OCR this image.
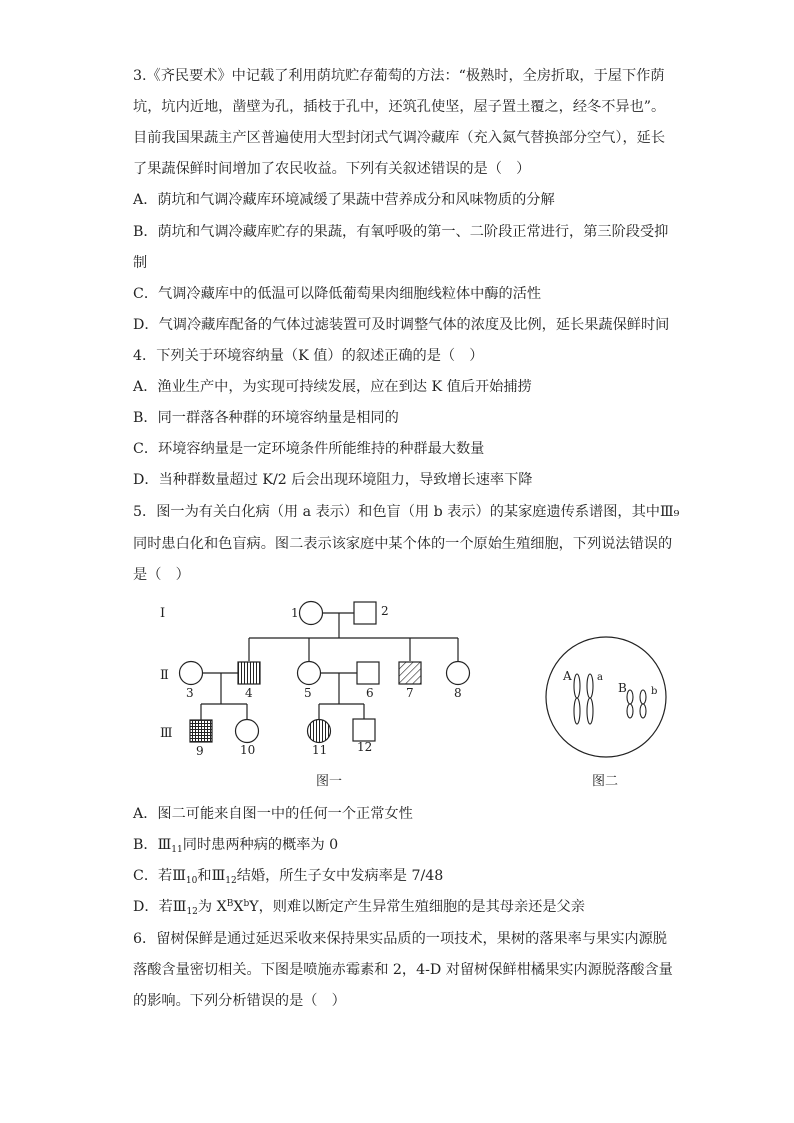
3.《齐民要术》中记载了利用荫坑贮存葡萄的方法：“极熟时，全房折取，于屋下作荫
坑，坑内近地，凿壁为孔，插枝于孔中，还筑孔使坚，屋子置土覆之，经冬不异也”。
目前我国果蔬主产区普遍使用大型封闭式气调冷藏库（充入氮气替换部分空气），延长
了果蔬保鲜时间增加了农民收益。下列有关叙述错误的是（　）
A．荫坑和气调冷藏库环境减缓了果蔬中营养成分和风味物质的分解
B．荫坑和气调冷藏库贮存的果蔬，有氧呼吸的第一、二阶段正常进行，第三阶段受抑
制
C．气调冷藏库中的低温可以降低葡萄果肉细胞线粒体中酶的活性
D．气调冷藏库配备的气体过滤装置可及时调整气体的浓度及比例，延长果蔬保鲜时间
4．下列关于环境容纳量（K 值）的叙述正确的是（　）
A．渔业生产中，为实现可持续发展，应在到达 K 值后开始捕捞
B．同一群落各种群的环境容纳量是相同的
C．环境容纳量是一定环境条件所能维持的种群最大数量
D．当种群数量超过 K/2 后会出现环境阻力，导致增长速率下降
5．图一为有关白化病（用 a 表示）和色盲（用 b 表示）的某家庭遗传系谱图，其中Ⅲ₉
同时患白化和色盲病。图二表示该家庭中某个体的一个原始生殖细胞，下列说法错误的
是（　）
Ⅰ
Ⅱ
Ⅲ
1	2
3	4	5	6	7	8
9	10	11 12
图一	图二
A	a
B b
A．图二可能来自图一中的任何一个正常女性
B．$Ⅲ_{11}$同时患两种病的概率为 0
C．若$Ⅲ_{10}$和$Ⅲ_{12}$结婚，所生子女中发病率是 7/48
D．若$Ⅲ_{12}$为 $X^BX^bY$，则难以断定产生异常生殖细胞的是其母亲还是父亲
6．留树保鲜是通过延迟采收来保持果实品质的一项技术，果树的落果率与果实内源脱
落酸含量密切相关。下图是喷施赤霉素和 2，4-D 对留树保鲜柑橘果实内源脱落酸含量
的影响。下列分析错误的是（　）
